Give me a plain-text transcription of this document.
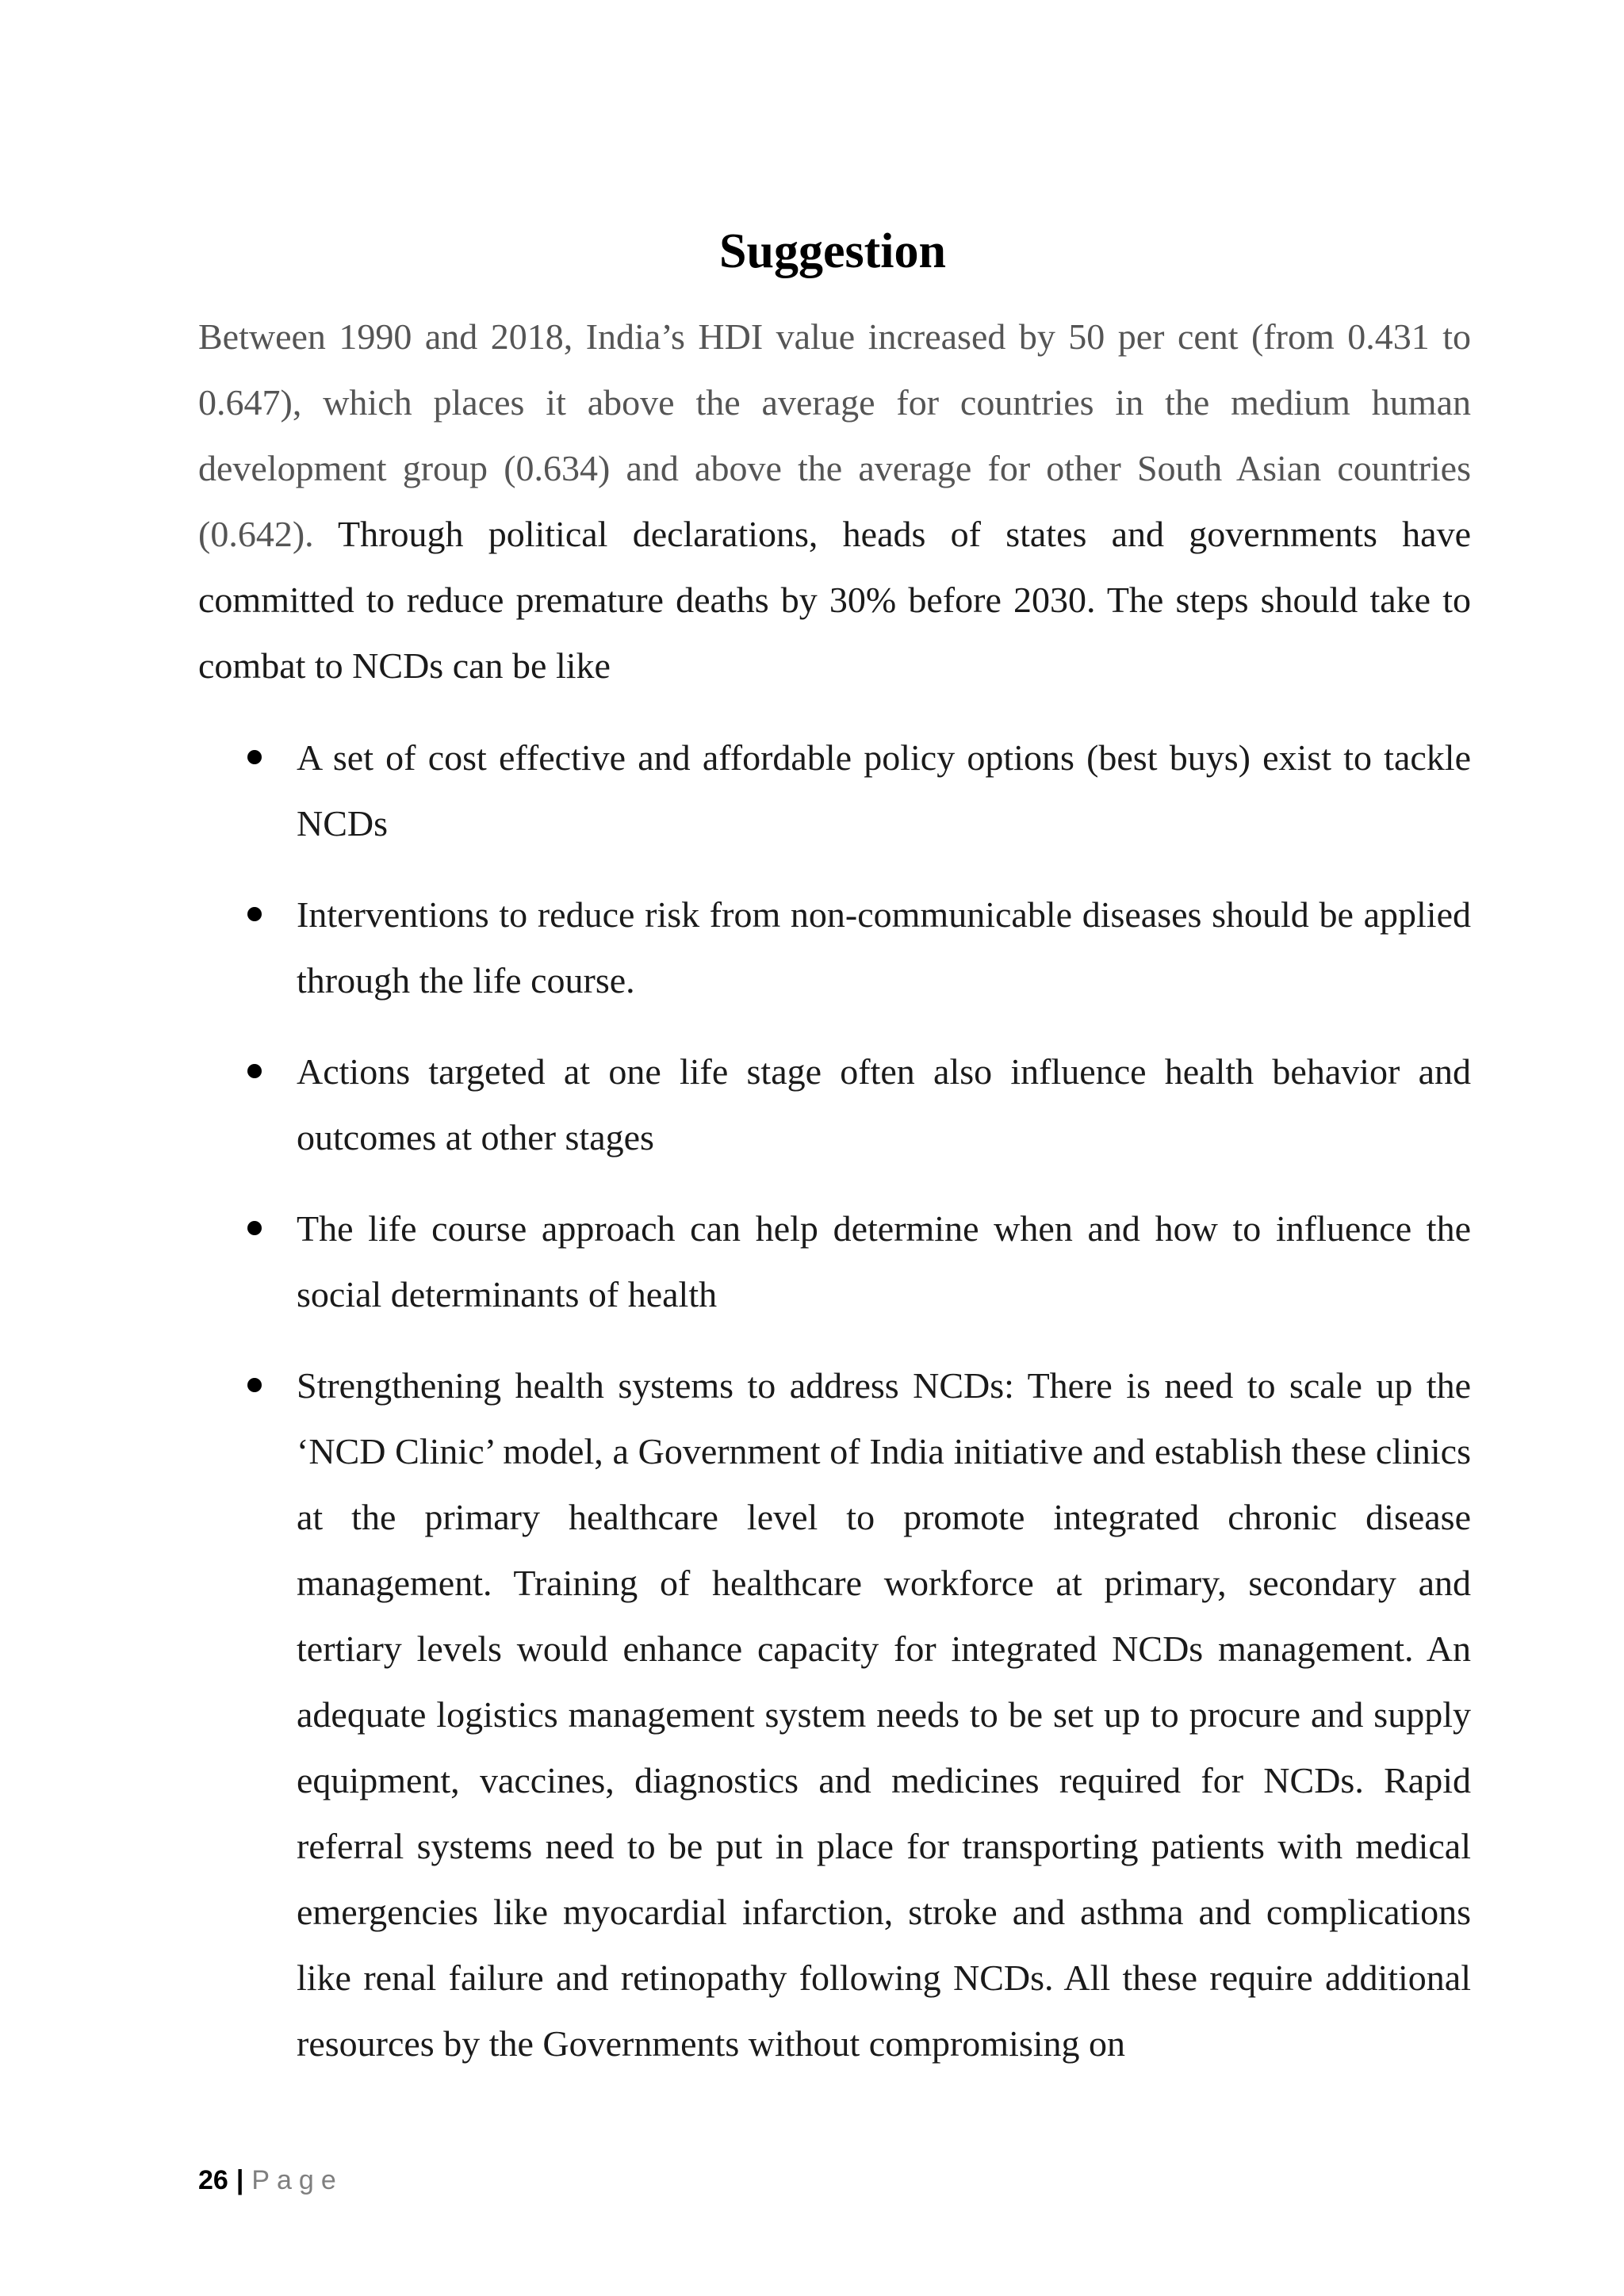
Suggestion

Between 1990 and 2018, India’s HDI value increased by 50 per cent (from 0.431 to 0.647), which places it above the average for countries in the medium human development group (0.634) and above the average for other South Asian countries (0.642). Through political declarations, heads of states and governments have committed to reduce premature deaths by 30% before 2030. The steps should take to combat to NCDs can be like

A set of cost effective and affordable policy options (best buys) exist to tackle NCDs
Interventions to reduce risk from non-communicable diseases should be applied through the life course.
Actions targeted at one life stage often also influence health behavior and outcomes at other stages
The life course approach can help determine when and how to influence the social determinants of health
Strengthening health systems to address NCDs: There is need to scale up the ‘NCD Clinic’ model, a Government of India initiative and establish these clinics at the primary healthcare level to promote integrated chronic disease management. Training of healthcare workforce at primary, secondary and tertiary levels would enhance capacity for integrated NCDs management. An adequate logistics management system needs to be set up to procure and supply equipment, vaccines, diagnostics and medicines required for NCDs. Rapid referral systems need to be put in place for transporting patients with medical emergencies like myocardial infarction, stroke and asthma and complications like renal failure and retinopathy following NCDs. All these require additional resources by the Governments without compromising on
26 | Page
